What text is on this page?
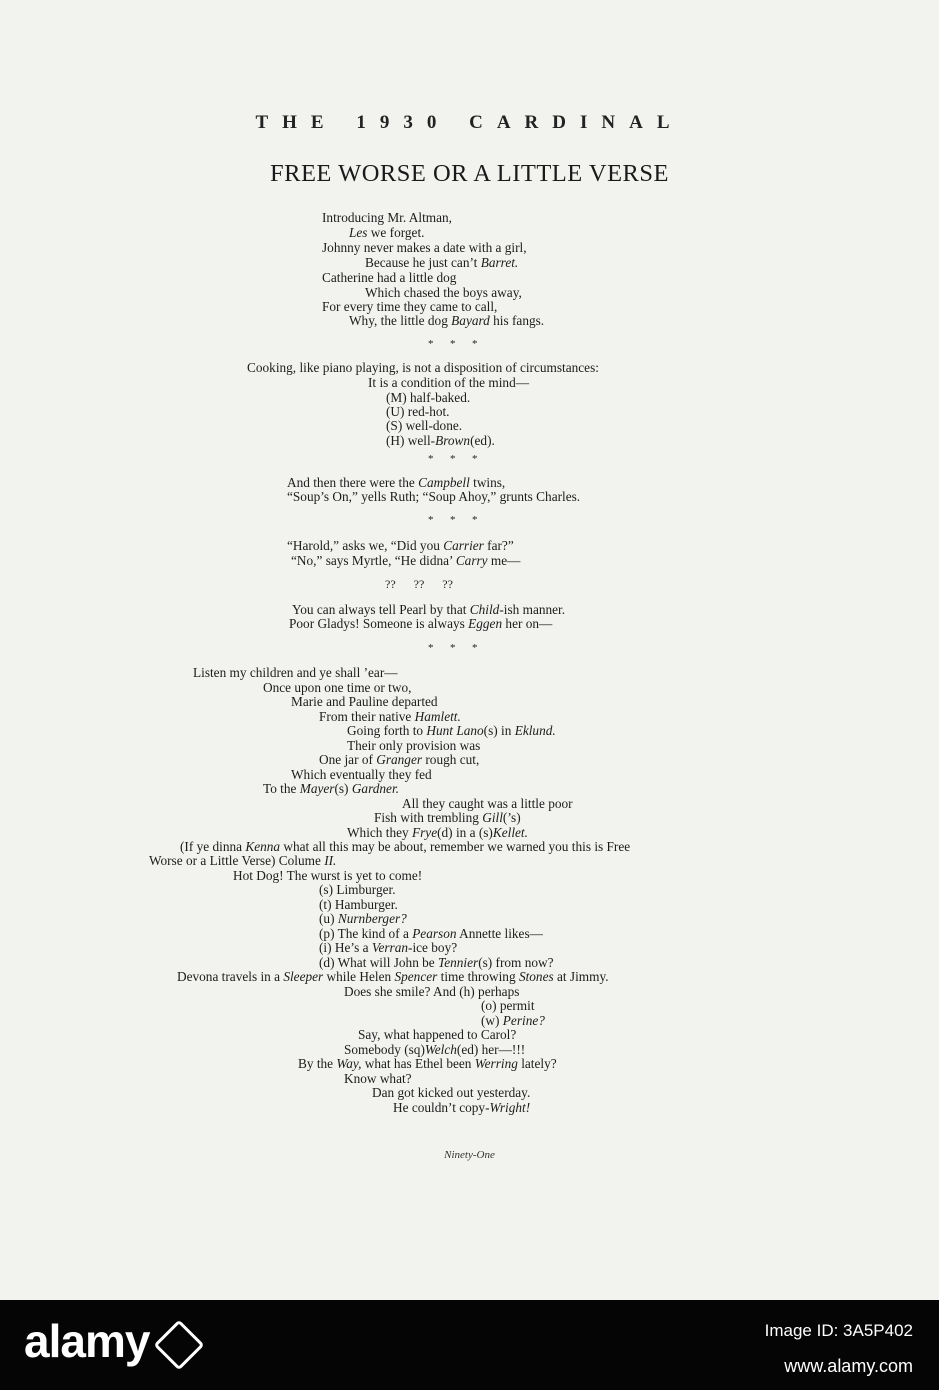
THE 1930 CARDINAL
FREE WORSE OR A LITTLE VERSE
Introducing Mr. Altman,
Les we forget.
Johnny never makes a date with a girl,
Because he just can’t Barret.
Catherine had a little dog
Which chased the boys away,
For every time they came to call,
Why, the little dog Bayard his fangs.
*      *      *
Cooking, like piano playing, is not a disposition of circumstances:
It is a condition of the mind—
(M) half-baked.
(U) red-hot.
(S) well-done.
(H) well-Brown(ed).
*      *      *
And then there were the Campbell twins,
“Soup’s On,” yells Ruth; “Soup Ahoy,” grunts Charles.
*      *      *
“Harold,” asks we, “Did you Carrier far?”
“No,” says Myrtle, “He didna’ Carry me—
??      ??      ??
You can always tell Pearl by that Child-ish manner.
Poor Gladys! Someone is always Eggen her on—
*      *      *
Listen my children and ye shall ’ear—
Once upon one time or two,
Marie and Pauline departed
From their native Hamlett.
Going forth to Hunt Lano(s) in Eklund.
Their only provision was
One jar of Granger rough cut,
Which eventually they fed
To the Mayer(s) Gardner.
All they caught was a little poor
Fish with trembling Gill(’s)
Which they Frye(d) in a (s)Kellet.
(If ye dinna Kenna what all this may be about, remember we warned you this is Free
Worse or a Little Verse) Colume II.
Hot Dog! The wurst is yet to come!
(s) Limburger.
(t) Hamburger.
(u) Nurnberger?
(p) The kind of a Pearson Annette likes—
(i) He’s a Verran-ice boy?
(d) What will John be Tennier(s) from now?
Devona travels in a Sleeper while Helen Spencer time throwing Stones at Jimmy.
Does she smile? And (h) perhaps
(o) permit
(w) Perine?
Say, what happened to Carol?
Somebody (sq)Welch(ed) her—!!!
By the Way, what has Ethel been Werring lately?
Know what?
Dan got kicked out yesterday.
He couldn’t copy-Wright!
Ninety-One
alamy	Image ID: 3A5P402
www.alamy.com
